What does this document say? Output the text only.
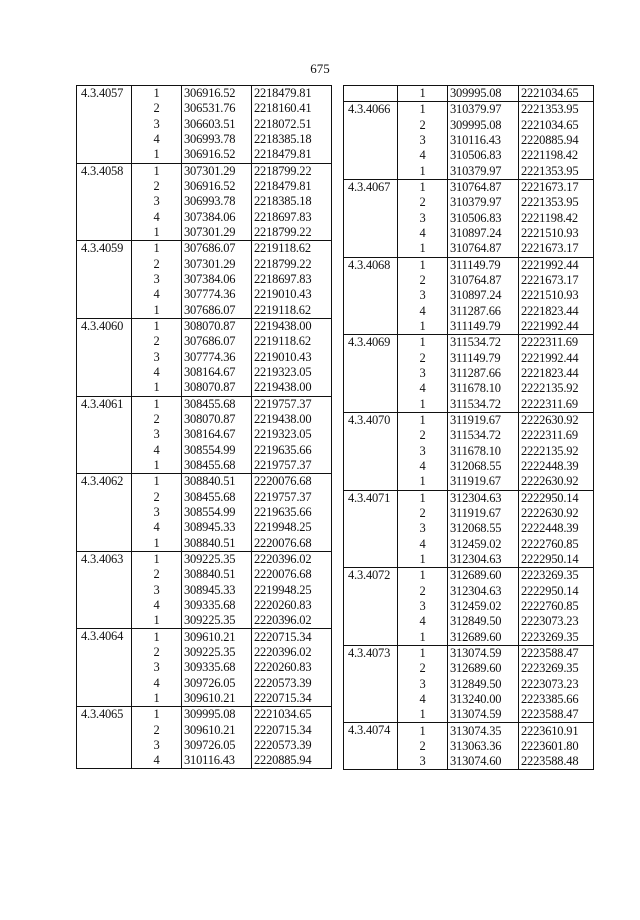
675
4.3.4057	1	306916.52	2218479.81
	2	306531.76	2218160.41
	3	306603.51	2218072.51
	4	306993.78	2218385.18
	1	306916.52	2218479.81
4.3.4058	1	307301.29	2218799.22
	2	306916.52	2218479.81
	3	306993.78	2218385.18
	4	307384.06	2218697.83
	1	307301.29	2218799.22
4.3.4059	1	307686.07	2219118.62
	2	307301.29	2218799.22
	3	307384.06	2218697.83
	4	307774.36	2219010.43
	1	307686.07	2219118.62
4.3.4060	1	308070.87	2219438.00
	2	307686.07	2219118.62
	3	307774.36	2219010.43
	4	308164.67	2219323.05
	1	308070.87	2219438.00
4.3.4061	1	308455.68	2219757.37
	2	308070.87	2219438.00
	3	308164.67	2219323.05
	4	308554.99	2219635.66
	1	308455.68	2219757.37
4.3.4062	1	308840.51	2220076.68
	2	308455.68	2219757.37
	3	308554.99	2219635.66
	4	308945.33	2219948.25
	1	308840.51	2220076.68
4.3.4063	1	309225.35	2220396.02
	2	308840.51	2220076.68
	3	308945.33	2219948.25
	4	309335.68	2220260.83
	1	309225.35	2220396.02
4.3.4064	1	309610.21	2220715.34
	2	309225.35	2220396.02
	3	309335.68	2220260.83
	4	309726.05	2220573.39
	1	309610.21	2220715.34
4.3.4065	1	309995.08	2221034.65
	2	309610.21	2220715.34
	3	309726.05	2220573.39
	4	310116.43	2220885.94
	1	309995.08	2221034.65
4.3.4066	1	310379.97	2221353.95
	2	309995.08	2221034.65
	3	310116.43	2220885.94
	4	310506.83	2221198.42
	1	310379.97	2221353.95
4.3.4067	1	310764.87	2221673.17
	2	310379.97	2221353.95
	3	310506.83	2221198.42
	4	310897.24	2221510.93
	1	310764.87	2221673.17
4.3.4068	1	311149.79	2221992.44
	2	310764.87	2221673.17
	3	310897.24	2221510.93
	4	311287.66	2221823.44
	1	311149.79	2221992.44
4.3.4069	1	311534.72	2222311.69
	2	311149.79	2221992.44
	3	311287.66	2221823.44
	4	311678.10	2222135.92
	1	311534.72	2222311.69
4.3.4070	1	311919.67	2222630.92
	2	311534.72	2222311.69
	3	311678.10	2222135.92
	4	312068.55	2222448.39
	1	311919.67	2222630.92
4.3.4071	1	312304.63	2222950.14
	2	311919.67	2222630.92
	3	312068.55	2222448.39
	4	312459.02	2222760.85
	1	312304.63	2222950.14
4.3.4072	1	312689.60	2223269.35
	2	312304.63	2222950.14
	3	312459.02	2222760.85
	4	312849.50	2223073.23
	1	312689.60	2223269.35
4.3.4073	1	313074.59	2223588.47
	2	312689.60	2223269.35
	3	312849.50	2223073.23
	4	313240.00	2223385.66
	1	313074.59	2223588.47
4.3.4074	1	313074.35	2223610.91
	2	313063.36	2223601.80
	3	313074.60	2223588.48
